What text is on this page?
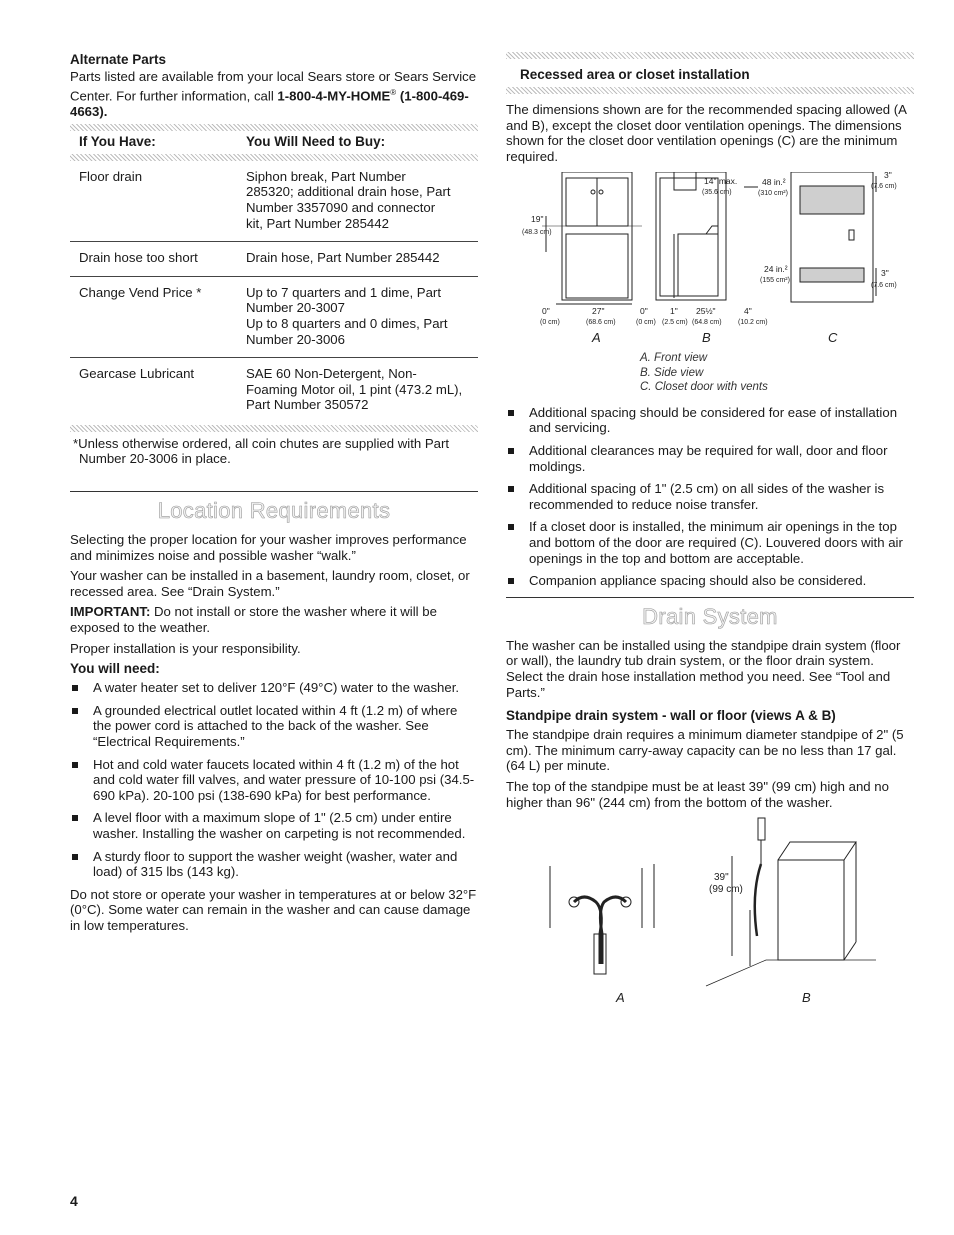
Alternate Parts

Parts listed are available from your local Sears store or Sears Service Center. For further information, call 1-800-4-MY-HOME® (1-800-469-4663).

If You Have:	You Will Need to Buy:

Floor drain	Siphon break, Part Number 285320; additional drain hose, Part Number 3357090 and connector kit, Part Number 285442

Drain hose too short	Drain hose, Part Number 285442

Change Vend Price *	Up to 7 quarters and 1 dime, Part Number 20-3007
Up to 8 quarters and 0 dimes, Part Number 20-3006

Gearcase Lubricant	SAE 60 Non-Detergent, Non-Foaming Motor oil, 1 pint (473.2 mL), Part Number 350572

*Unless otherwise ordered, all coin chutes are supplied with Part Number 20-3006 in place.

Location Requirements

Selecting the proper location for your washer improves performance and minimizes noise and possible washer “walk.”

Your washer can be installed in a basement, laundry room, closet, or recessed area. See “Drain System.”

IMPORTANT: Do not install or store the washer where it will be exposed to the weather.

Proper installation is your responsibility.

You will need:
A water heater set to deliver 120°F (49°C) water to the washer.
A grounded electrical outlet located within 4 ft (1.2 m) of where the power cord is attached to the back of the washer. See “Electrical Requirements.”
Hot and cold water faucets located within 4 ft (1.2 m) of the hot and cold water fill valves, and water pressure of 10-100 psi (34.5-690 kPa). 20-100 psi (138-690 kPa) for best performance.
A level floor with a maximum slope of 1" (2.5 cm) under entire washer. Installing the washer on carpeting is not recommended.
A sturdy floor to support the washer weight (washer, water and load) of 315 lbs (143 kg).

Do not store or operate your washer in temperatures at or below 32°F (0°C). Some water can remain in the washer and can cause damage in low temperatures.

Recessed area or closet installation

The dimensions shown are for the recommended spacing allowed (A and B), except the closet door ventilation openings. The dimensions shown for the closet door ventilation openings (C) are the minimum required.

19"
(48.3 cm)
14" max.
(35.6 cm)
48 in.²
(310 cm²)
24 in.²
(155 cm²)
3"
(7.6 cm)
3"
(7.6 cm)
0"
(0 cm)
27"
(68.6 cm)
0"
(0 cm)
1"
(2.5 cm)
25½"
(64.8 cm)
4"
(10.2 cm)
A	B	C
A. Front view
B. Side view
C. Closet door with vents
Additional spacing should be considered for ease of installation and servicing.
Additional clearances may be required for wall, door and floor moldings.
Additional spacing of 1" (2.5 cm) on all sides of the washer is recommended to reduce noise transfer.
If a closet door is installed, the minimum air openings in the top and bottom of the door are required (C). Louvered doors with air openings in the top and bottom are acceptable.
Companion appliance spacing should also be considered.
Drain System

The washer can be installed using the standpipe drain system (floor or wall), the laundry tub drain system, or the floor drain system. Select the drain hose installation method you need. See “Tool and Parts.”

Standpipe drain system - wall or floor (views A & B)

The standpipe drain requires a minimum diameter standpipe of 2" (5 cm). The minimum carry-away capacity can be no less than 17 gal. (64 L) per minute.

The top of the standpipe must be at least 39" (99 cm) high and no higher than 96" (244 cm) from the bottom of the washer.

39"
(99 cm)
A	B
4
